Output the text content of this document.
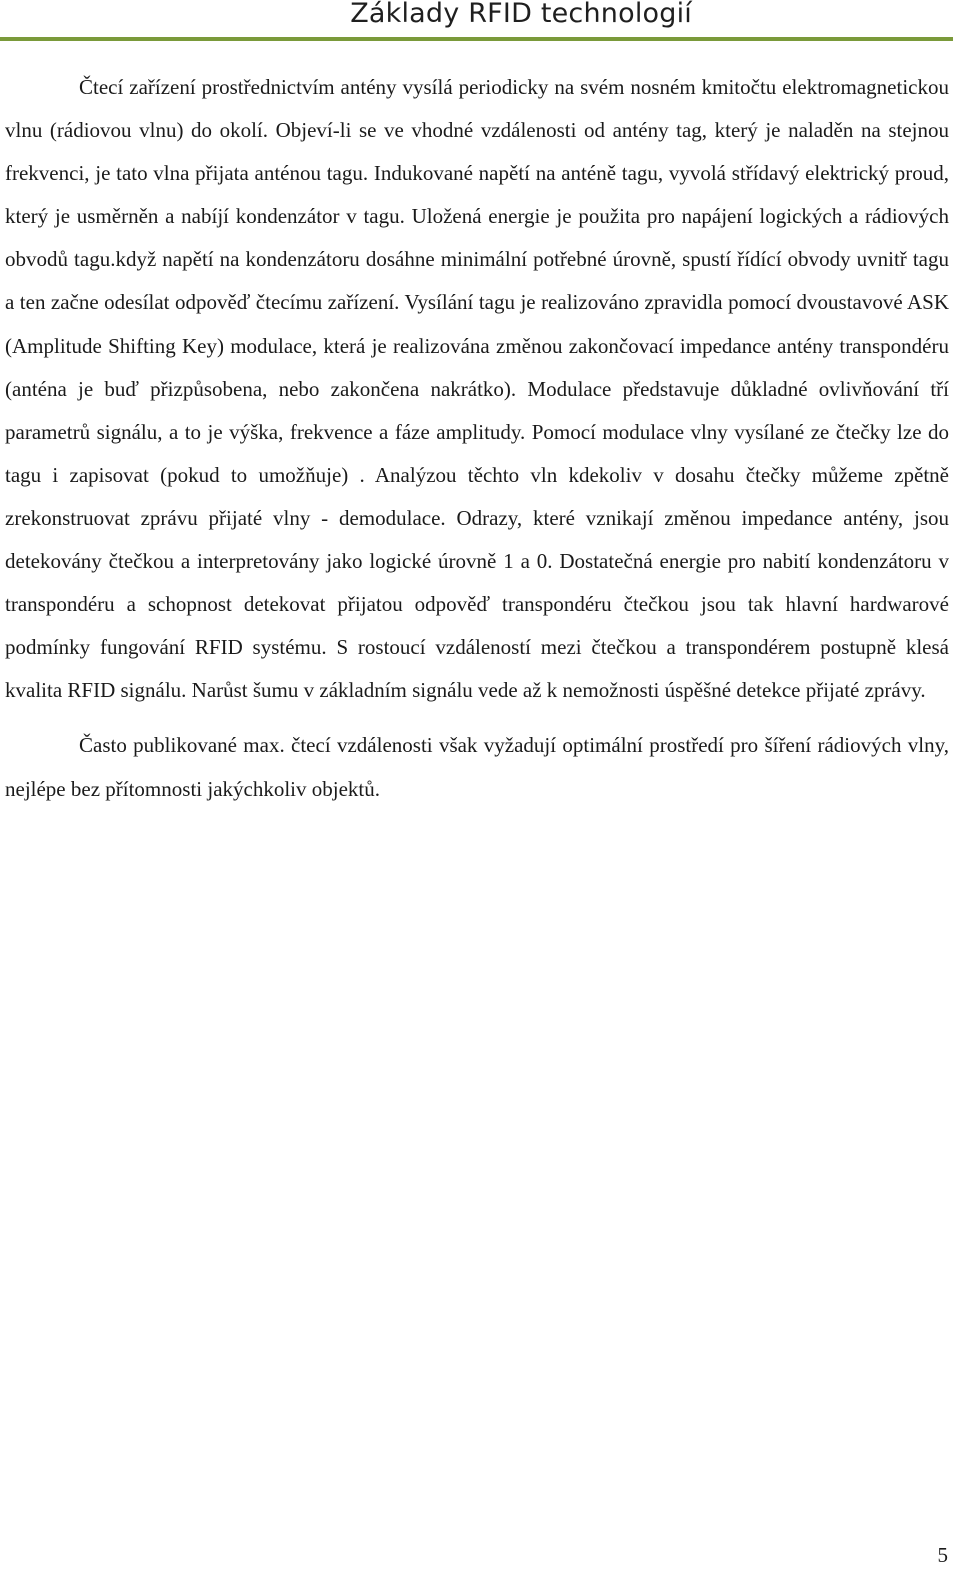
Základy RFID technologií

Čtecí zařízení prostřednictvím antény vysílá periodicky na svém nosném kmitočtu elektromagnetickou vlnu (rádiovou vlnu) do okolí. Objeví-li se ve vhodné vzdálenosti od antény tag, který je naladěn na stejnou frekvenci, je tato vlna přijata anténou tagu. Indukované napětí na anténě tagu, vyvolá střídavý elektrický proud, který je usměrněn a nabíjí kondenzátor v tagu. Uložená energie je použita pro napájení logických a rádiových obvodů tagu.když napětí na kondenzátoru dosáhne minimální potřebné úrovně, spustí řídící obvody uvnitř tagu a ten začne odesílat odpověď čtecímu zařízení. Vysílání tagu je realizováno zpravidla pomocí dvoustavové ASK (Amplitude Shifting Key) modulace, která je realizována změnou zakončovací impedance antény transpondéru (anténa je buď přizpůsobena, nebo zakončena nakrátko). Modulace představuje důkladné ovlivňování tří parametrů signálu, a to je výška, frekvence a fáze amplitudy. Pomocí modulace vlny vysílané ze čtečky lze do tagu i zapisovat (pokud to umožňuje) . Analýzou těchto vln kdekoliv v dosahu čtečky můžeme zpětně zrekonstruovat zprávu přijaté vlny - demodulace. Odrazy, které vznikají změnou impedance antény, jsou detekovány čtečkou a interpretovány jako logické úrovně 1 a 0. Dostatečná energie pro nabití kondenzátoru v transpondéru a schopnost detekovat přijatou odpověď transpondéru čtečkou jsou tak hlavní hardwarové podmínky fungování RFID systému. S rostoucí vzdáleností mezi čtečkou a transpondérem postupně klesá kvalita RFID signálu. Narůst šumu v základním signálu vede až k nemožnosti úspěšné detekce přijaté zprávy.

Často publikované max. čtecí vzdálenosti však vyžadují optimální prostředí pro šíření rádiových vlny, nejlépe bez přítomnosti jakýchkoliv objektů.

5
